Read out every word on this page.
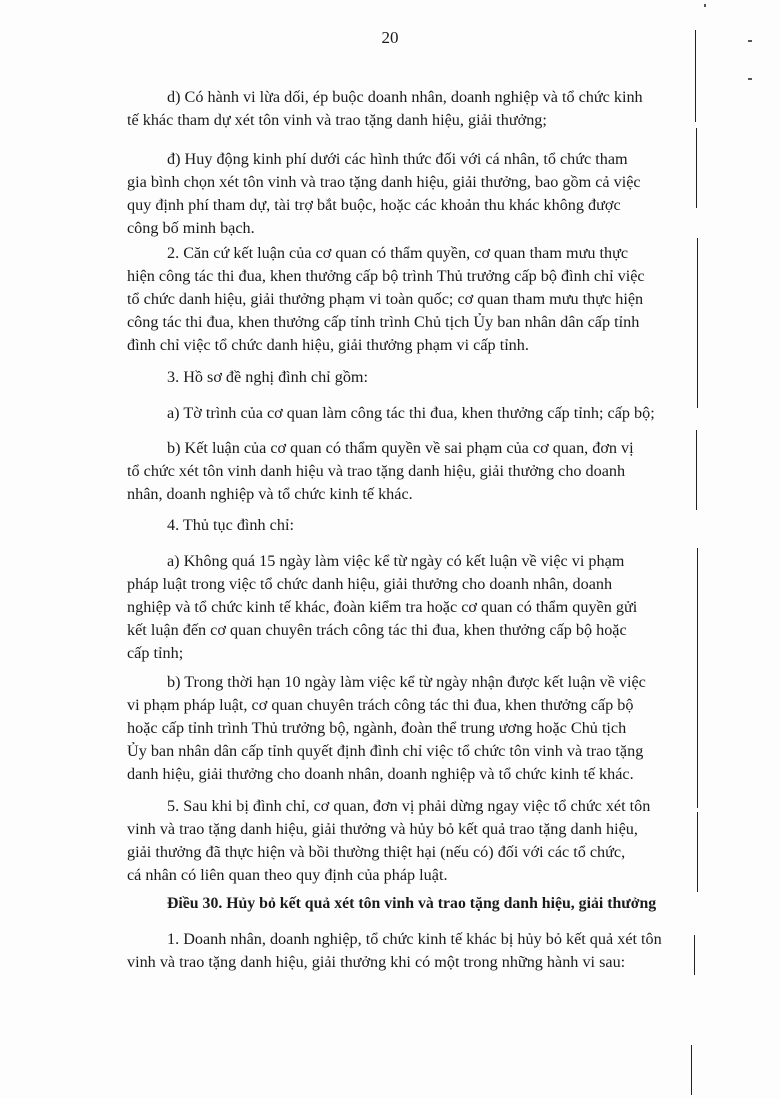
20
d) Có hành vi lừa dối, ép buộc doanh nhân, doanh nghiệp và tổ chức kinh
tế khác tham dự xét tôn vinh và trao tặng danh hiệu, giải thưởng;
đ) Huy động kinh phí dưới các hình thức đối với cá nhân, tổ chức tham
gia bình chọn xét tôn vinh và trao tặng danh hiệu, giải thưởng, bao gồm cả việc
quy định phí tham dự, tài trợ bắt buộc, hoặc các khoản thu khác không được
công bố minh bạch.
2. Căn cứ kết luận của cơ quan có thẩm quyền, cơ quan tham mưu thực
hiện công tác thi đua, khen thưởng cấp bộ trình Thủ trưởng cấp bộ đình chỉ việc
tổ chức danh hiệu, giải thưởng phạm vi toàn quốc; cơ quan tham mưu thực hiện
công tác thi đua, khen thưởng cấp tỉnh trình Chủ tịch Ủy ban nhân dân cấp tỉnh
đình chỉ việc tổ chức danh hiệu, giải thưởng phạm vi cấp tỉnh.
3. Hồ sơ đề nghị đình chỉ gồm:
a) Tờ trình của cơ quan làm công tác thi đua, khen thưởng cấp tỉnh; cấp bộ;
b) Kết luận của cơ quan có thẩm quyền về sai phạm của cơ quan, đơn vị
tổ chức xét tôn vinh danh hiệu và trao tặng danh hiệu, giải thưởng cho doanh
nhân, doanh nghiệp và tổ chức kinh tế khác.
4. Thủ tục đình chỉ:
a) Không quá 15 ngày làm việc kể từ ngày có kết luận về việc vi phạm
pháp luật trong việc tổ chức danh hiệu, giải thưởng cho doanh nhân, doanh
nghiệp và tổ chức kinh tế khác, đoàn kiểm tra hoặc cơ quan có thẩm quyền gửi
kết luận đến cơ quan chuyên trách công tác thi đua, khen thưởng cấp bộ hoặc
cấp tỉnh;
b) Trong thời hạn 10 ngày làm việc kể từ ngày nhận được kết luận về việc
vi phạm pháp luật, cơ quan chuyên trách công tác thi đua, khen thưởng cấp bộ
hoặc cấp tỉnh trình Thủ trưởng bộ, ngành, đoàn thể trung ương hoặc Chủ tịch
Ủy ban nhân dân cấp tỉnh quyết định đình chỉ việc tổ chức tôn vinh và trao tặng
danh hiệu, giải thưởng cho doanh nhân, doanh nghiệp và tổ chức kinh tế khác.
5. Sau khi bị đình chỉ, cơ quan, đơn vị phải dừng ngay việc tổ chức xét tôn
vinh và trao tặng danh hiệu, giải thưởng và hủy bỏ kết quả trao tặng danh hiệu,
giải thưởng đã thực hiện và bồi thường thiệt hại (nếu có) đối với các tổ chức,
cá nhân có liên quan theo quy định của pháp luật.
Điều 30. Hủy bỏ kết quả xét tôn vinh và trao tặng danh hiệu, giải thưởng
1. Doanh nhân, doanh nghiệp, tổ chức kinh tế khác bị hủy bỏ kết quả xét tôn
vinh và trao tặng danh hiệu, giải thưởng khi có một trong những hành vi sau:
